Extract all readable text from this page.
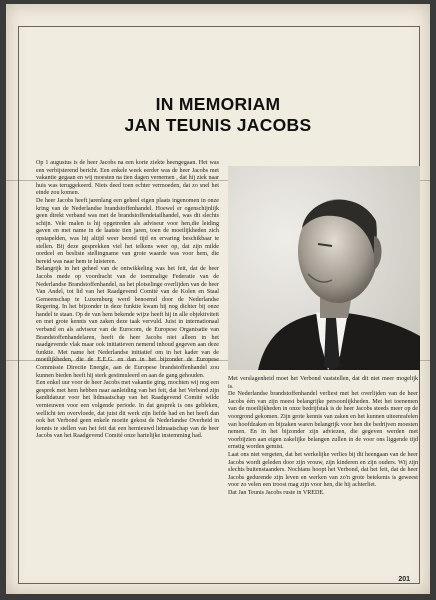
IN MEMORIAM
JAN TEUNIS JACOBS

Op 1 augustus is de heer Jacobs na een korte ziekte heengegaan. Het was een verbijsterend bericht. Een enkele week eerder was de heer Jacobs met vakantie gegaan en wij moesten na tien dagen vernemen , dat hij ziek naar huis was teruggekeerd. Niets deed toen echter vermoeden, dat zo snel het einde zou komen.

De heer Jacobs heeft jarenlang een geheel eigen plaats ingenomen in onze kring van de Nederlandse brandstoffenhandel. Hoewel er ogenschijnlijk geen direkt verband was met de brandstoffendetailhandel, was dit slechts schijn. Vele malen is hij opgetreden als adviseur voor hen,die leiding gaven en met name in de laatste tien jaren, toen de moeilijkheden zich opstapelden, was hij altijd weer bereid tijd en ervaring beschikbaar te stellen. Bij deze gesprekken viel het telkens weer op, dat zijn milde oordeel en besliste stellingname van grote waarde was voor hem, die bereid was naar hem te luisteren.

Belangrijk in het geheel van de ontwikkeling was het feit, dat de heer Jacobs mede op voordracht van de toenmalige Federatie van de Nederlandse Brandstoffenhandel, na het plotselinge overlijden van de heer Van Andel, tot lid van het Raadgevend Comité van de Kolen en Staal Gemeenschap te Luxemburg werd benoemd door de Nederlandse Regering. In het bijzonder in deze funktie kwam hij nog dichter bij onze handel te staan. Op de van hem bekende wijze heeft hij in alle objektiviteit en met grote kennis van zaken deze taak vervuld. Juist in internationaal verband en als adviseur van de Eurocom, de Europese Organisatie van Brandstoffenhandelaren, heeft de heer Jacobs niet alleen in het naadgevende vlak maar ook initiatieven nemend inhoud gegeven aan deze funktie. Met name het Nederlandse initiatief om in het kader van de moeilijkheden, die de E.E.G. en dan in het bijzonder de Europese Commissie Directie Energie, aan de Europese brandstoffenhandel zou kunnen bieden heeft hij sterk gestimuleerd en aan de gang gehouden.

Een enkel uur voor de heer Jacobs met vakantie ging, mochten wij nog een gesprek met hem hebben naar aanleiding van het feit, dat het Verbond zijn kandidatuur voor het lidmaatschap van het Raadgevend Comité wilde vernieuwen voor een volgende periode. In dat gesprek is ons gebleken, wellicht ten overvloede, dat juist dit werk zijn liefde had en het heeft dan ook het Verbond geen enkele moeite gekost de Nederlandse Overheid in kennis te stellen van het feit dat een hernieuwd lidmaatschap van de heer Jacobs van het Raadgevend Comité onze hartelijke instemming had.

Met verslagenheid moet het Verbond vaststellen, dat dit niet meer mogelijk is.

De Nederlandse brandstoffenhandel verliest met het overlijden van de heer Jacobs één van zijn meest belangrijke persoonlijkheden. Met het toenemen van de moeilijkheden in onze bedrijfstak is de heer Jacobs steeds meer op de voorgrond gekomen. Zijn grote kennis van zaken en het kunnen uiteenrafelen van hoofdzaken en bijzaken waren belangrijk voor hen die bedrijven moesten nemen. En in het bijzonder zijn adviezen, die gegeven werden met voorbijzien aan eigen zakelijke belangen zullen in de voor ons liggende tijd ernstig worden gemist.

Laat ons niet vergeten, dat het werkelijke verlies bij dit heengaan van de heer Jacobs wordt geleden door zijn vrouw, zijn kinderen en zijn ouders. Wij zijn slechts buitenstaanders. Nochtans hoopt het Verbond, dat het feit, dat de heer Jacobs gedurende zijn leven en werken van zo'n grote betekenis is geweest voor zo velen een troost mag zijn voor hen, die hij achterliet.

Dat Jan Teunis Jacobs ruste in VREDE.

201
